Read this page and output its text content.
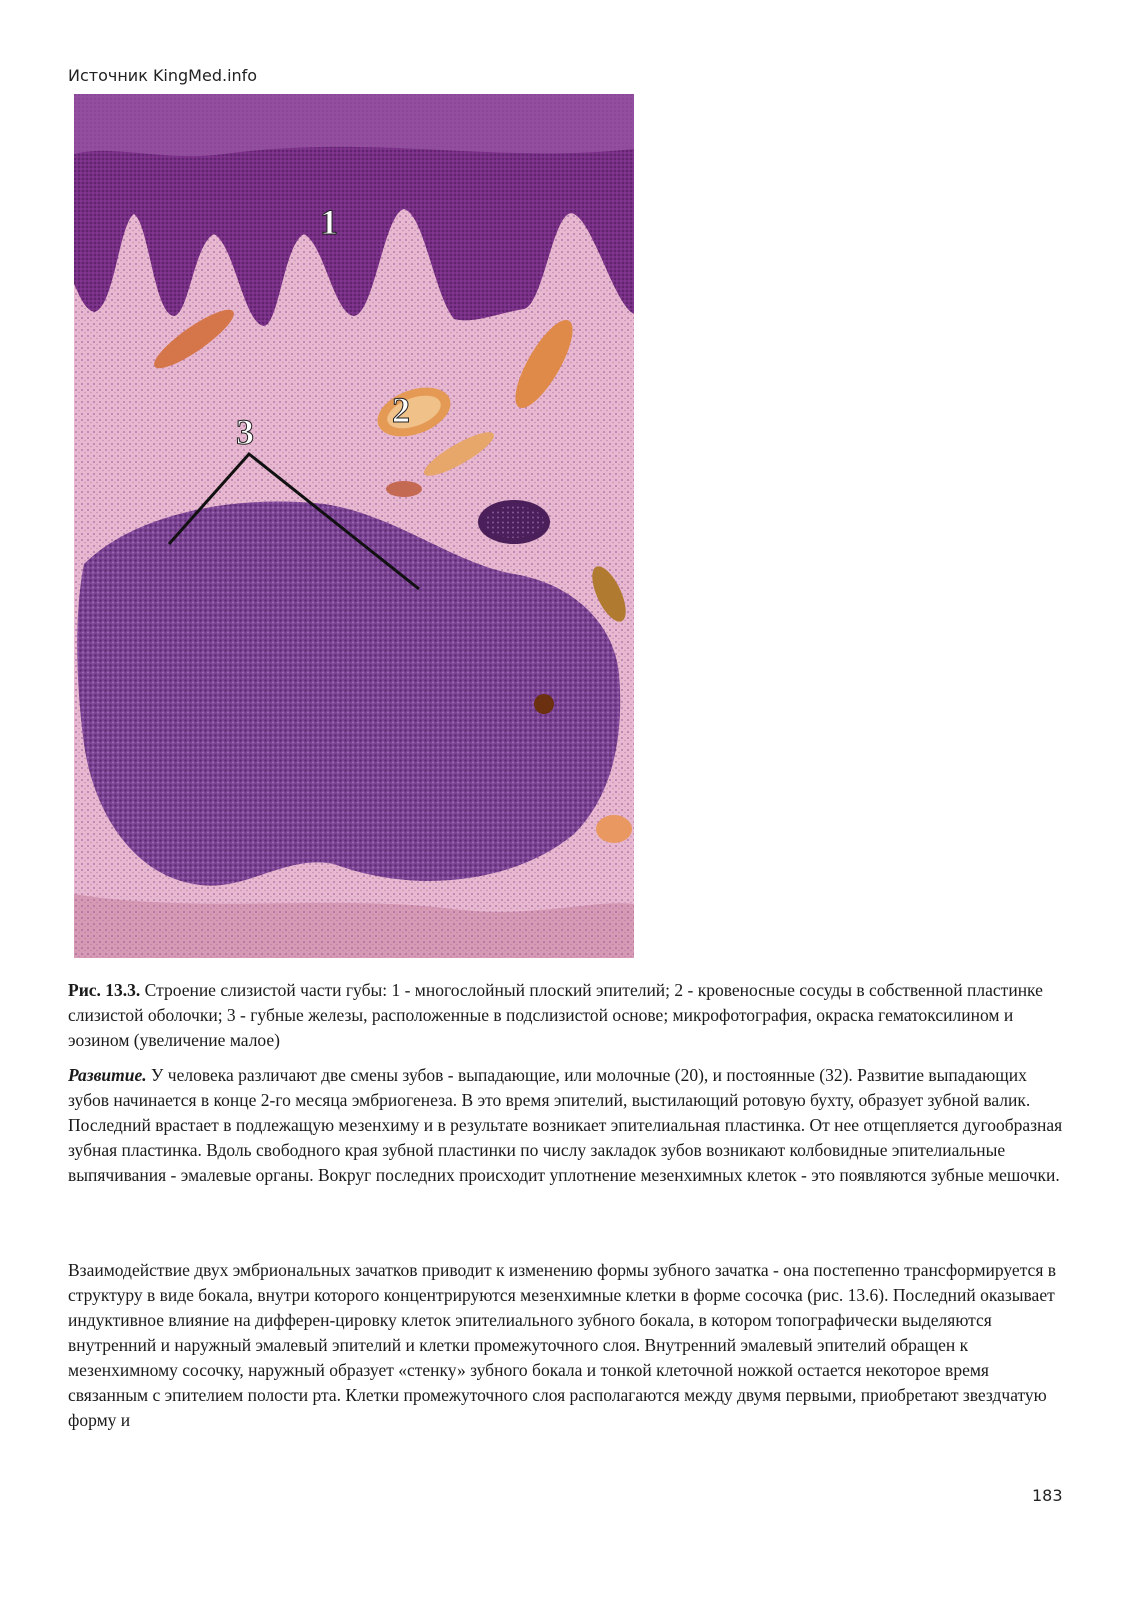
Источник KingMed.info
1
2
3
Рис. 13.3. Строение слизистой части губы: 1 - многослойный плоский эпителий; 2 - кровеносные сосуды в собственной пластинке слизистой оболочки; 3 - губные железы, расположенные в подслизистой основе; микрофотография, окраска гематоксилином и эозином (увеличение малое)
Развитие. У человека различают две смены зубов - выпадающие, или молочные (20), и постоянные (32). Развитие выпадающих зубов начинается в конце 2-го месяца эмбриогенеза. В это время эпителий, выстилающий ротовую бухту, образует зубной валик. Последний врастает в подлежащую мезенхиму и в результате возникает эпителиальная пластинка. От нее отщепляется дугообразная зубная пластинка. Вдоль свободного края зубной пластинки по числу закладок зубов возникают колбовидные эпителиальные выпячивания - эмалевые органы. Вокруг последних происходит уплотнение мезенхимных клеток - это появляются зубные мешочки.
Взаимодействие двух эмбриональных зачатков приводит к изменению формы зубного зачатка - она постепенно трансформируется в структуру в виде бокала, внутри которого концентрируются мезенхимные клетки в форме сосочка (рис. 13.6). Последний оказывает индуктивное влияние на дифферен-цировку клеток эпителиального зубного бокала, в котором топографически выделяются внутренний и наружный эмалевый эпителий и клетки промежуточного слоя. Внутренний эмалевый эпителий обращен к мезенхимному сосочку, наружный образует «стенку» зубного бокала и тонкой клеточной ножкой остается некоторое время связанным с эпителием полости рта. Клетки промежуточного слоя располагаются между двумя первыми, приобретают звездчатую форму и
183
